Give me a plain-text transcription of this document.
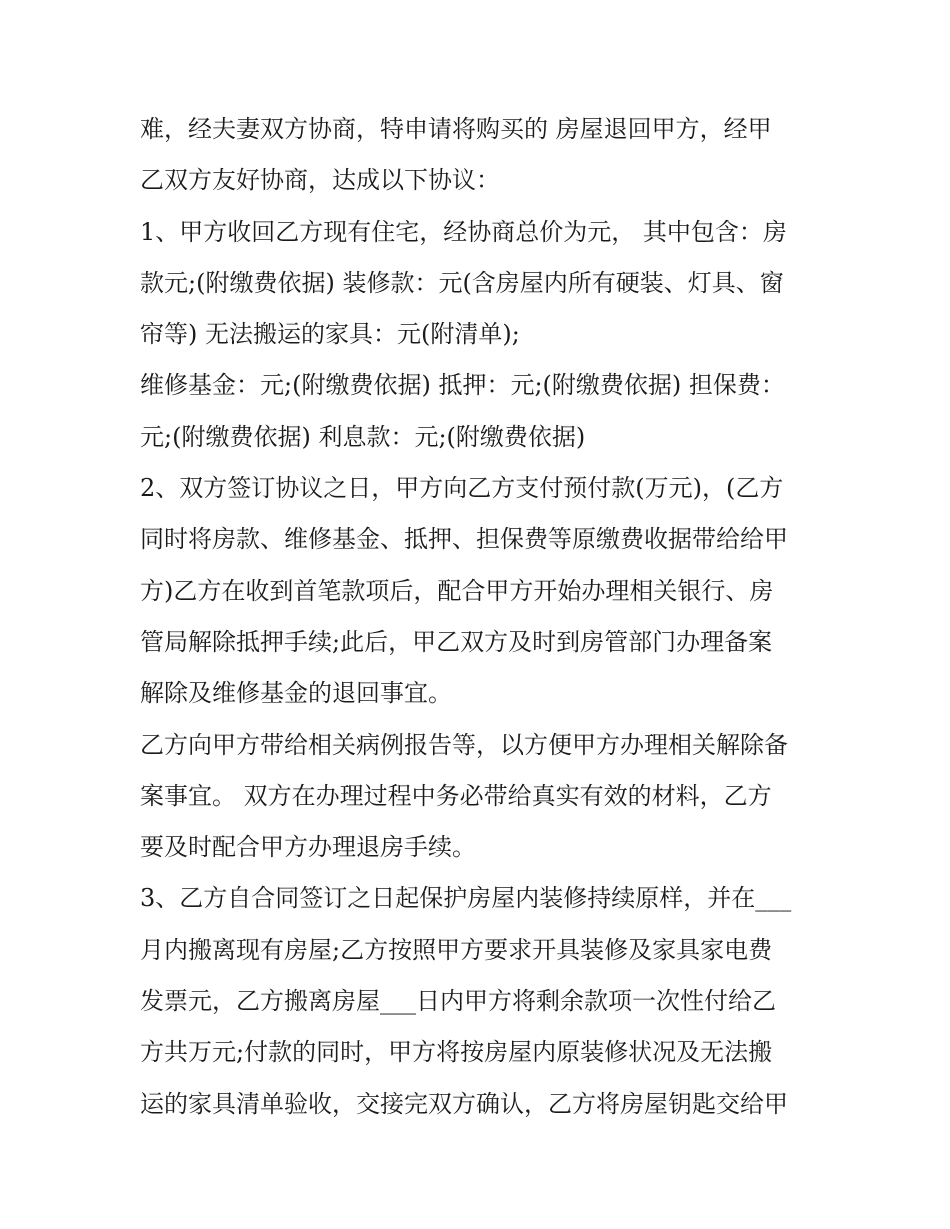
难，经夫妻双方协商，特申请将购买的 房屋退回甲方，经甲
乙双方友好协商，达成以下协议：
1、甲方收回乙方现有住宅，经协商总价为元， 其中包含：房
款元;(附缴费依据) 装修款：元(含房屋内所有硬装、灯具、窗
帘等) 无法搬运的家具：元(附清单);
维修基金：元;(附缴费依据) 抵押：元;(附缴费依据) 担保费：
元;(附缴费依据) 利息款：元;(附缴费依据)
2、双方签订协议之日，甲方向乙方支付预付款(万元)，(乙方
同时将房款、维修基金、抵押、担保费等原缴费收据带给给甲
方)乙方在收到首笔款项后，配合甲方开始办理相关银行、房
管局解除抵押手续;此后，甲乙双方及时到房管部门办理备案
解除及维修基金的退回事宜。
乙方向甲方带给相关病例报告等，以方便甲方办理相关解除备
案事宜。 双方在办理过程中务必带给真实有效的材料，乙方
要及时配合甲方办理退房手续。
3、乙方自合同签订之日起保护房屋内装修持续原样，并在___
月内搬离现有房屋;乙方按照甲方要求开具装修及家具家电费
发票元，乙方搬离房屋___日内甲方将剩余款项一次性付给乙
方共万元;付款的同时，甲方将按房屋内原装修状况及无法搬
运的家具清单验收，交接完双方确认，乙方将房屋钥匙交给甲
